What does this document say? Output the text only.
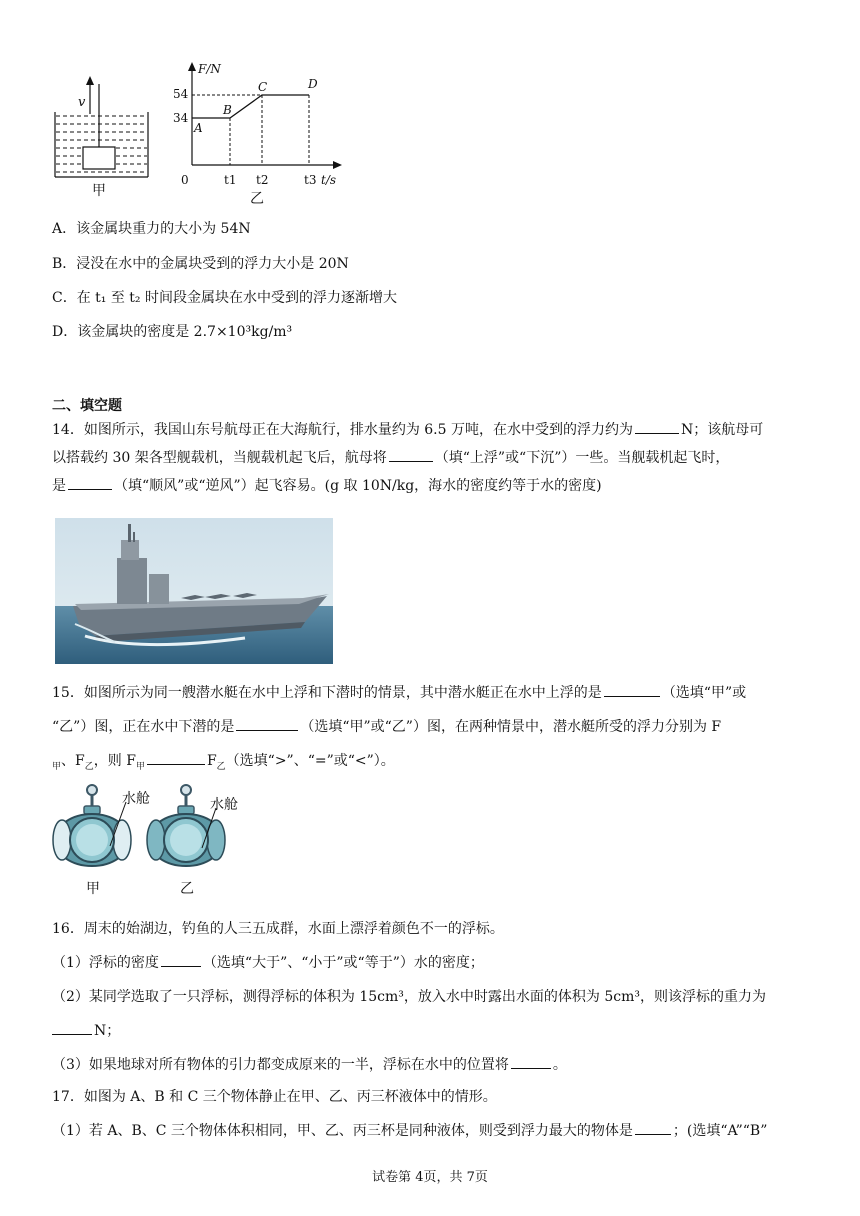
v
甲
F/N
54
34
A
B
C	D
0	t1 t2	t3 t/s
乙
A．该金属块重力的大小为 54N
B．浸没在水中的金属块受到的浮力大小是 20N
C．在 t₁ 至 t₂ 时间段金属块在水中受到的浮力逐渐增大
D．该金属块的密度是 2.7×10³kg/m³
二、填空题
14．如图所示，我国山东号航母正在大海航行，排水量约为 6.5 万吨，在水中受到的浮力约为	N；该航母可
以搭载约 30 架各型舰载机，当舰载机起飞后，航母将	（填“上浮”或“下沉”）一些。当舰载机起飞时，
是	（填“顺风”或“逆风”）起飞容易。(g 取 10N/kg，海水的密度约等于水的密度)
15．如图所示为同一艘潜水艇在水中上浮和下潜时的情景，其中潜水艇正在水中上浮的是	（选填“甲”或
“乙”）图，正在水中下潜的是	（选填“甲”或“乙”）图，在两种情景中，潜水艇所受的浮力分别为 F
$_甲$、$F_乙$，则 $F_甲$	$F_乙$（选填“>”、“=”或“<”）。
水舱
甲
水舱
乙
16．周末的始湖边，钓鱼的人三五成群，水面上漂浮着颜色不一的浮标。
（1）浮标的密度	（选填“大于”、“小于”或“等于”）水的密度；
（2）某同学选取了一只浮标，测得浮标的体积为 15cm³，放入水中时露出水面的体积为 5cm³，则该浮标的重力为
N；
（3）如果地球对所有物体的引力都变成原来的一半，浮标在水中的位置将	。
17．如图为 A、B 和 C 三个物体静止在甲、乙、丙三杯液体中的情形。
（1）若 A、B、C 三个物体体积相同，甲、乙、丙三杯是同种液体，则受到浮力最大的物体是	；(选填“A”“B”
试卷第 4页，共 7页
